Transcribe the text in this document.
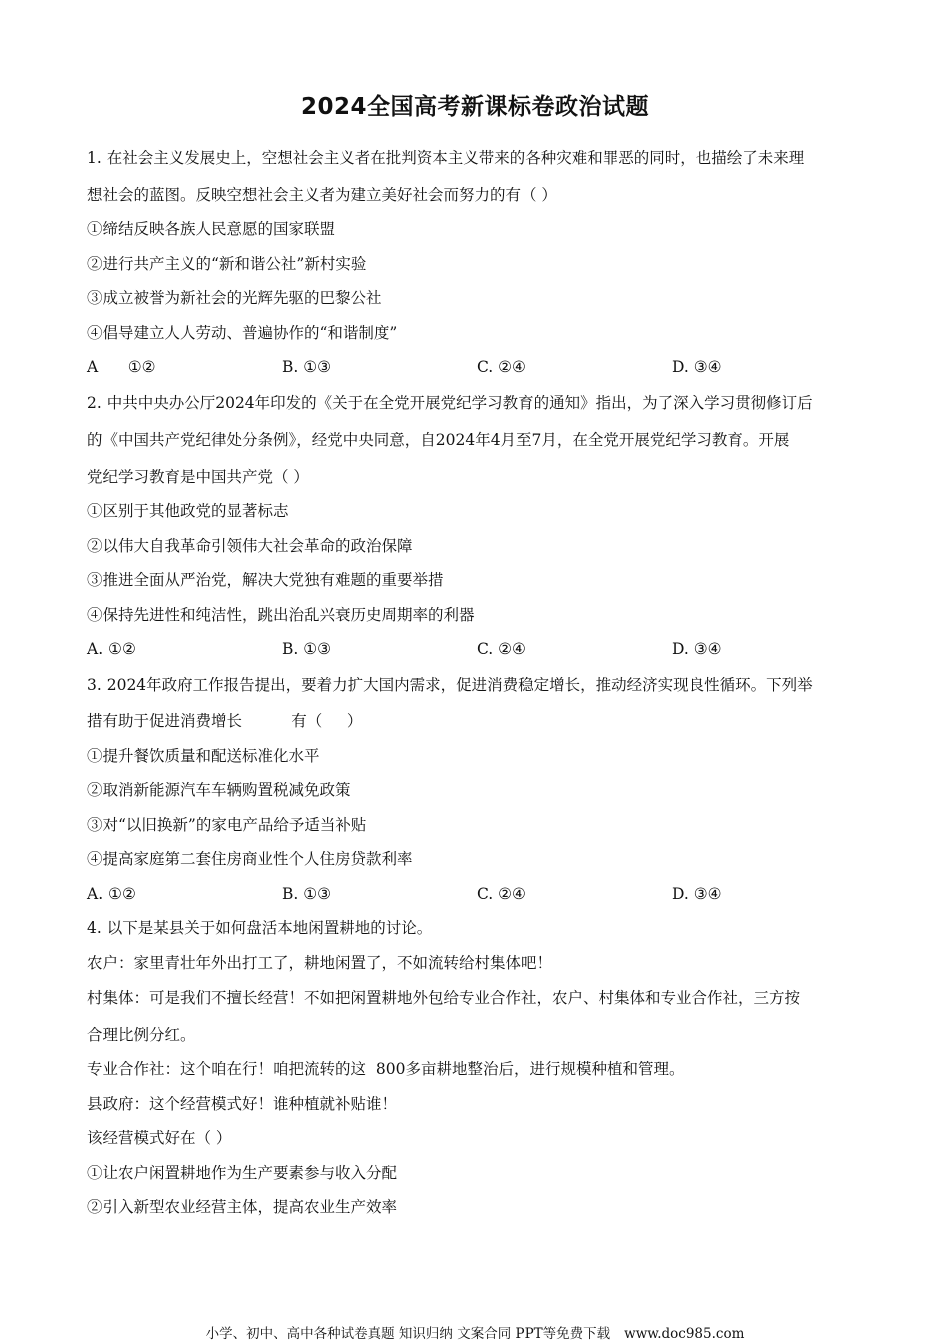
2024全国高考新课标卷政治试题
1. 在社会主义发展史上，空想社会主义者在批判资本主义带来的各种灾难和罪恶的同时，也描绘了未来理
想社会的蓝图。反映空想社会主义者为建立美好社会而努力的有（ ）
①缔结反映各族人民意愿的国家联盟
②进行共产主义的“新和谐公社”新村实验
③成立被誉为新社会的光辉先驱的巴黎公社
④倡导建立人人劳动、普遍协作的“和谐制度”
A      ①②	B. ①③	C. ②④	D. ③④
2. 中共中央办公厅2024年印发的《关于在全党开展党纪学习教育的通知》指出，为了深入学习贯彻修订后
的《中国共产党纪律处分条例》，经党中央同意，自2024年4月至7月，在全党开展党纪学习教育。开展
党纪学习教育是中国共产党（ ）
①区别于其他政党的显著标志
②以伟大自我革命引领伟大社会革命的政治保障
③推进全面从严治党，解决大党独有难题的重要举措
④保持先进性和纯洁性，跳出治乱兴衰历史周期率的利器
A. ①②	B. ①③	C. ②④	D. ③④
3. 2024年政府工作报告提出，要着力扩大国内需求，促进消费稳定增长，推动经济实现良性循环。下列举
措有助于促进消费增长          有（     ）
①提升餐饮质量和配送标准化水平
②取消新能源汽车车辆购置税减免政策
③对“以旧换新”的家电产品给予适当补贴
④提高家庭第二套住房商业性个人住房贷款利率
A. ①②	B. ①③	C. ②④	D. ③④
4. 以下是某县关于如何盘活本地闲置耕地的讨论。
农户：家里青壮年外出打工了，耕地闲置了，不如流转给村集体吧！
村集体：可是我们不擅长经营！不如把闲置耕地外包给专业合作社，农户、村集体和专业合作社，三方按
合理比例分红。
专业合作社：这个咱在行！咱把流转的这  800多亩耕地整治后，进行规模种植和管理。
县政府：这个经营模式好！谁种植就补贴谁！
该经营模式好在（ ）
①让农户闲置耕地作为生产要素参与收入分配
②引入新型农业经营主体，提高农业生产效率
小学、初中、高中各种试卷真题 知识归纳 文案合同 PPT等免费下载 www.doc985.com
